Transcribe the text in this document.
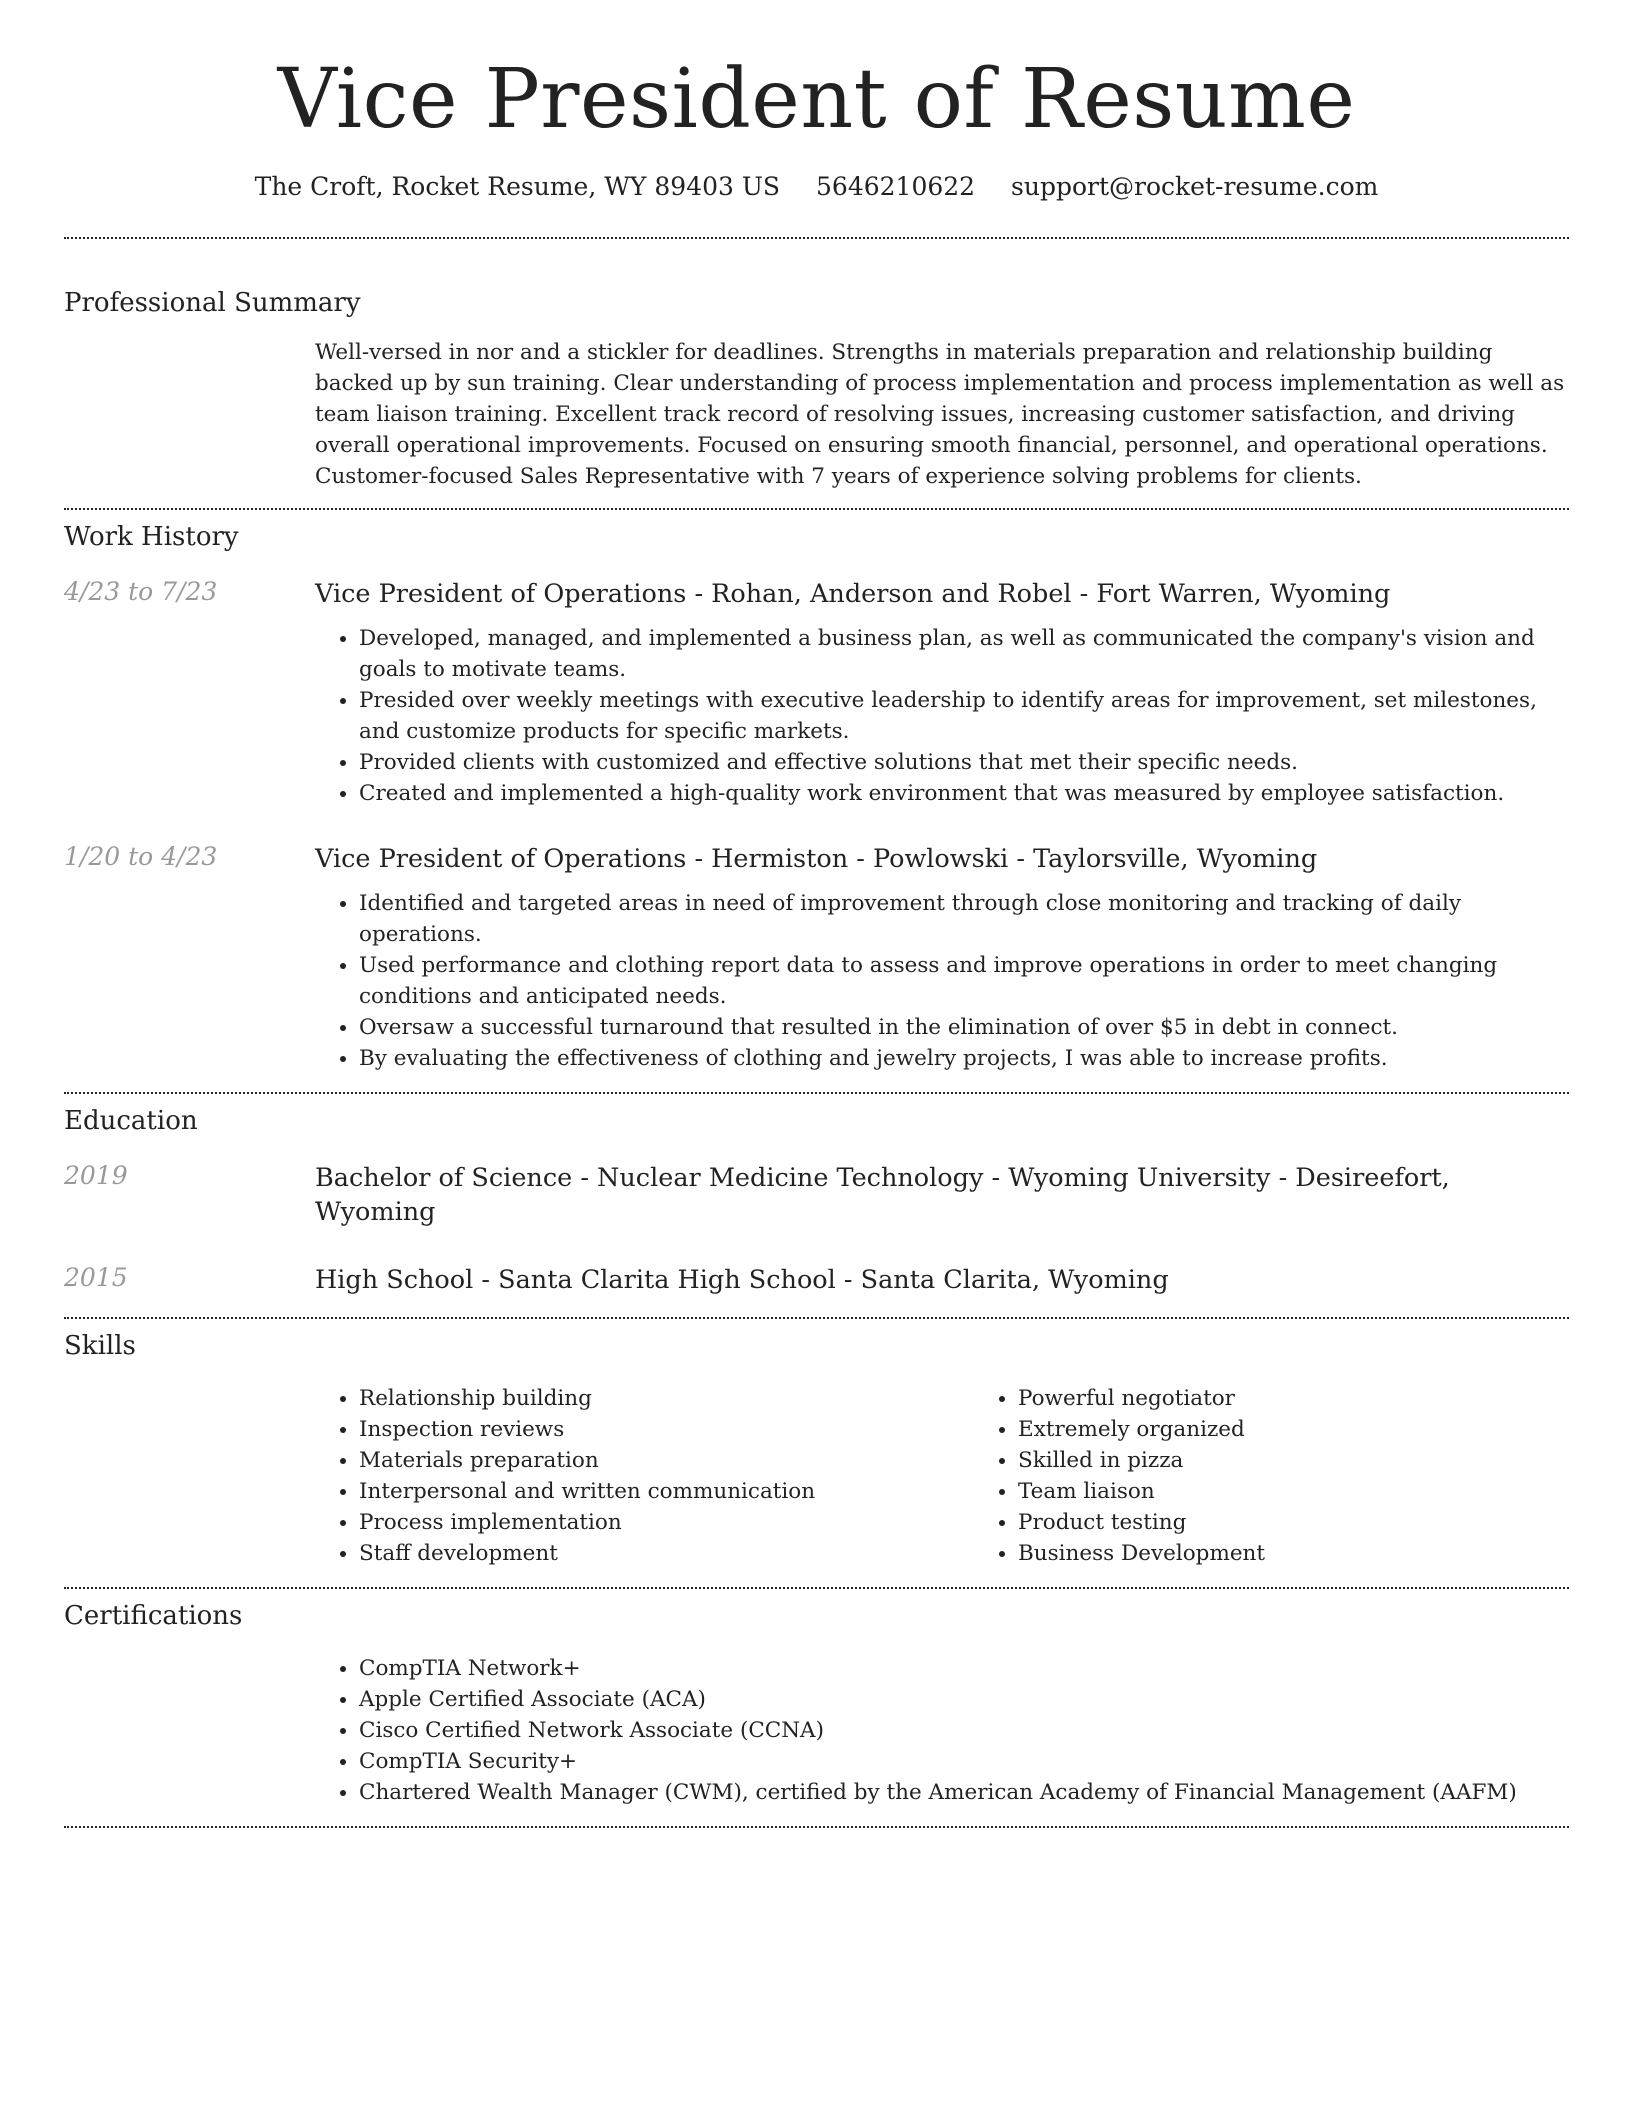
Vice President of Resume
The Croft, Rocket Resume, WY 89403 US 5646210622 support@rocket-resume.com
Professional Summary

Well-versed in nor and a stickler for deadlines. Strengths in materials preparation and relationship building backed up by sun training. Clear understanding of process implementation and process implementation as well as team liaison training. Excellent track record of resolving issues, increasing customer satisfaction, and driving overall operational improvements. Focused on ensuring smooth financial, personnel, and operational operations. Customer-focused Sales Representative with 7 years of experience solving problems for clients.

Work History
4/23 to 7/23	Vice President of Operations - Rohan, Anderson and Robel - Fort Warren, Wyoming

• Developed, managed, and implemented a business plan, as well as communicated the company's vision and goals to motivate teams.
• Presided over weekly meetings with executive leadership to identify areas for improvement, set milestones, and customize products for specific markets.
• Provided clients with customized and effective solutions that met their specific needs.
• Created and implemented a high-quality work environment that was measured by employee satisfaction.
1/20 to 4/23	Vice President of Operations - Hermiston - Powlowski - Taylorsville, Wyoming

• Identified and targeted areas in need of improvement through close monitoring and tracking of daily operations.
• Used performance and clothing report data to assess and improve operations in order to meet changing conditions and anticipated needs.
• Oversaw a successful turnaround that resulted in the elimination of over $5 in debt in connect.
• By evaluating the effectiveness of clothing and jewelry projects, I was able to increase profits.
Education
2019	Bachelor of Science - Nuclear Medicine Technology - Wyoming University - Desireefort, Wyoming

2015	High School - Santa Clarita High School - Santa Clarita, Wyoming

Skills
• Relationship building
• Inspection reviews
• Materials preparation
• Interpersonal and written communication
• Process implementation
• Staff development
• Powerful negotiator
• Extremely organized
• Skilled in pizza
• Team liaison
• Product testing
• Business Development
Certifications
• CompTIA Network+
• Apple Certified Associate (ACA)
• Cisco Certified Network Associate (CCNA)
• CompTIA Security+
• Chartered Wealth Manager (CWM), certified by the American Academy of Financial Management (AAFM)
